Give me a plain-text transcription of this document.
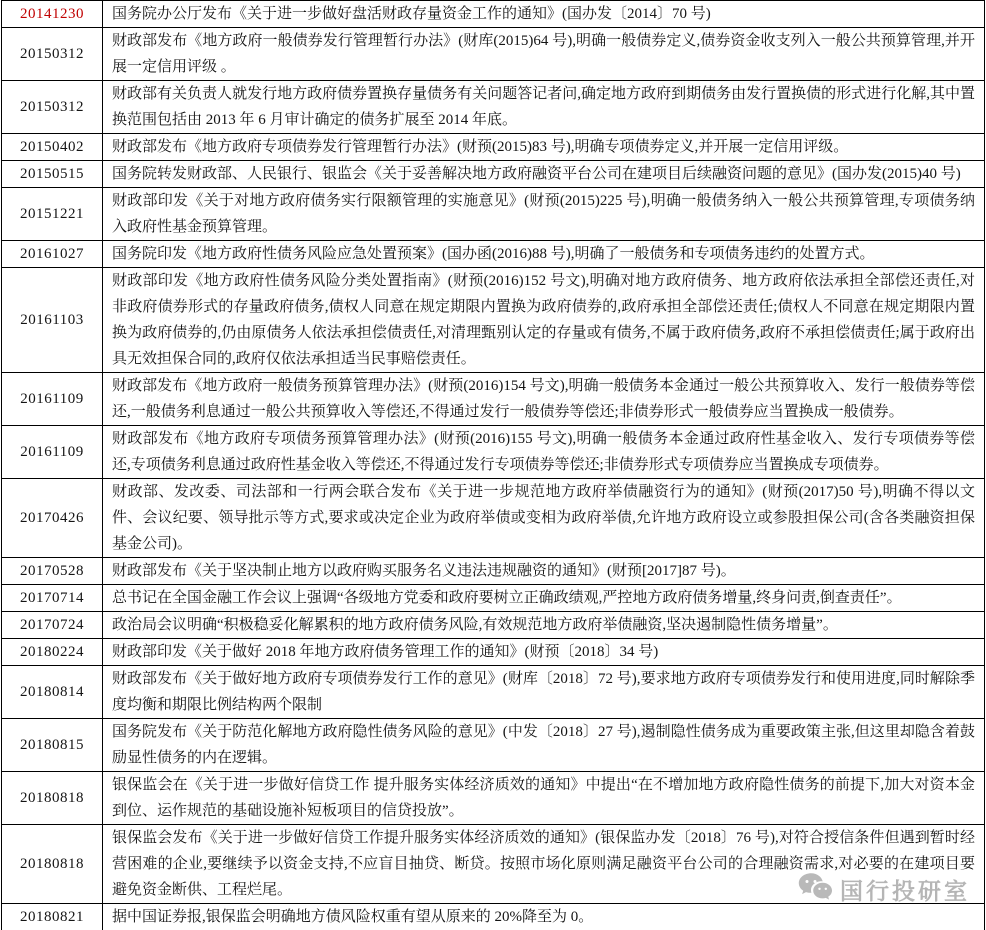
20141230	国务院办公厅发布《关于进一步做好盘活财政存量资金工作的通知》(国办发〔2014〕70 号)
20150312	财政部发布《地方政府一般债券发行管理暂行办法》(财库(2015)64 号),明确一般债券定义,债券资金收支列入一般公共预算管理,并开展一定信用评级 。
20150312	财政部有关负责人就发行地方政府债券置换存量债务有关问题答记者问,确定地方政府到期债务由发行置换债的形式进行化解,其中置换范围包括由 2013 年 6 月审计确定的债务扩展至 2014 年底。
20150402	财政部发布《地方政府专项债券发行管理暂行办法》(财预(2015)83 号),明确专项债券定义,并开展一定信用评级。
20150515	国务院转发财政部、人民银行、银监会《关于妥善解决地方政府融资平台公司在建项目后续融资问题的意见》(国办发(2015)40 号)
20151221	财政部印发《关于对地方政府债务实行限额管理的实施意见》(财预(2015)225 号),明确一般债务纳入一般公共预算管理,专项债务纳入政府性基金预算管理。
20161027	国务院印发《地方政府性债务风险应急处置预案》(国办函(2016)88 号),明确了一般债务和专项债务违约的处置方式。
20161103	财政部印发《地方政府性债务风险分类处置指南》(财预(2016)152 号文),明确对地方政府债务、地方政府依法承担全部偿还责任,对非政府债券形式的存量政府债务,债权人同意在规定期限内置换为政府债券的,政府承担全部偿还责任;债权人不同意在规定期限内置换为政府债券的,仍由原债务人依法承担偿债责任,对清理甄别认定的存量或有债务,不属于政府债务,政府不承担偿债责任;属于政府出具无效担保合同的,政府仅依法承担适当民事赔偿责任。
20161109	财政部发布《地方政府一般债务预算管理办法》(财预(2016)154 号文),明确一般债务本金通过一般公共预算收入、发行一般债券等偿还,一般债务利息通过一般公共预算收入等偿还,不得通过发行一般债券等偿还;非债券形式一般债券应当置换成一般债券。
20161109	财政部发布《地方政府专项债务预算管理办法》(财预(2016)155 号文),明确一般债务本金通过政府性基金收入、发行专项债券等偿还,专项债务利息通过政府性基金收入等偿还,不得通过发行专项债券等偿还;非债券形式专项债券应当置换成专项债券。
20170426	财政部、发改委、司法部和一行两会联合发布《关于进一步规范地方政府举债融资行为的通知》(财预(2017)50 号),明确不得以文件、会议纪要、领导批示等方式,要求或决定企业为政府举债或变相为政府举债,允许地方政府设立或参股担保公司(含各类融资担保基金公司)。
20170528	财政部发布《关于坚决制止地方以政府购买服务名义违法违规融资的通知》(财预[2017]87 号)。
20170714	总书记在全国金融工作会议上强调“各级地方党委和政府要树立正确政绩观,严控地方政府债务增量,终身问责,倒查责任”。
20170724	政治局会议明确“积极稳妥化解累积的地方政府债务风险,有效规范地方政府举债融资,坚决遏制隐性债务增量”。
20180224	财政部印发《关于做好 2018 年地方政府债务管理工作的通知》(财预〔2018〕34 号)
20180814	财政部发布《关于做好地方政府专项债券发行工作的意见》(财库〔2018〕72 号),要求地方政府专项债券发行和使用进度,同时解除季度均衡和期限比例结构两个限制
20180815	国务院发布《关于防范化解地方政府隐性债务风险的意见》(中发〔2018〕27 号),遏制隐性债务成为重要政策主张,但这里却隐含着鼓励显性债务的内在逻辑。
20180818	银保监会在《关于进一步做好信贷工作 提升服务实体经济质效的通知》中提出“在不增加地方政府隐性债务的前提下,加大对资本金到位、运作规范的基础设施补短板项目的信贷投放”。
20180818	银保监会发布《关于进一步做好信贷工作提升服务实体经济质效的通知》(银保监办发〔2018〕76 号),对符合授信条件但遇到暂时经营困难的企业,要继续予以资金支持,不应盲目抽贷、断贷。按照市场化原则满足融资平台公司的合理融资需求,对必要的在建项目要避免资金断供、工程烂尾。
20180821	据中国证券报,银保监会明确地方债风险权重有望从原来的 20%降至为 0。

国行投研室
